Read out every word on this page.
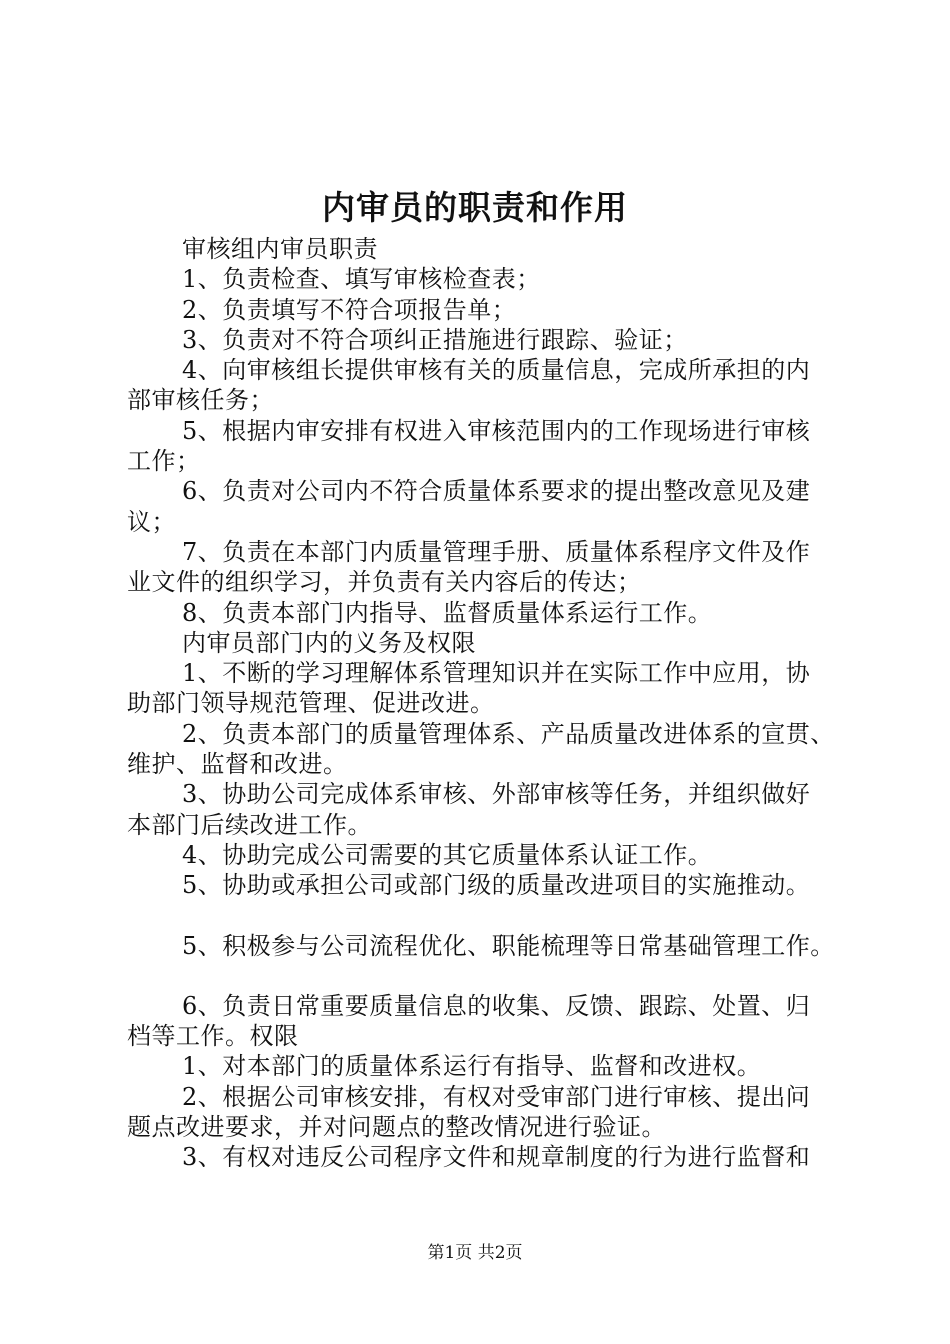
内审员的职责和作用

审核组内审员职责

1、负责检查、填写审核检查表；

2、负责填写不符合项报告单；

3、负责对不符合项纠正措施进行跟踪、验证；

4、向审核组长提供审核有关的质量信息，完成所承担的内
部审核任务；

5、根据内审安排有权进入审核范围内的工作现场进行审核
工作；

6、负责对公司内不符合质量体系要求的提出整改意见及建
议；

7、负责在本部门内质量管理手册、质量体系程序文件及作
业文件的组织学习，并负责有关内容后的传达；

8、负责本部门内指导、监督质量体系运行工作。

内审员部门内的义务及权限

1、不断的学习理解体系管理知识并在实际工作中应用，协
助部门领导规范管理、促进改进。

2、负责本部门的质量管理体系、产品质量改进体系的宣贯、
维护、监督和改进。

3、协助公司完成体系审核、外部审核等任务，并组织做好
本部门后续改进工作。

4、协助完成公司需要的其它质量体系认证工作。

5、协助或承担公司或部门级的质量改进项目的实施推动。

5、积极参与公司流程优化、职能梳理等日常基础管理工作。

6、负责日常重要质量信息的收集、反馈、跟踪、处置、归
档等工作。权限

1、对本部门的质量体系运行有指导、监督和改进权。

2、根据公司审核安排，有权对受审部门进行审核、提出问
题点改进要求，并对问题点的整改情况进行验证。

3、有权对违反公司程序文件和规章制度的行为进行监督和

第1页 共2页
